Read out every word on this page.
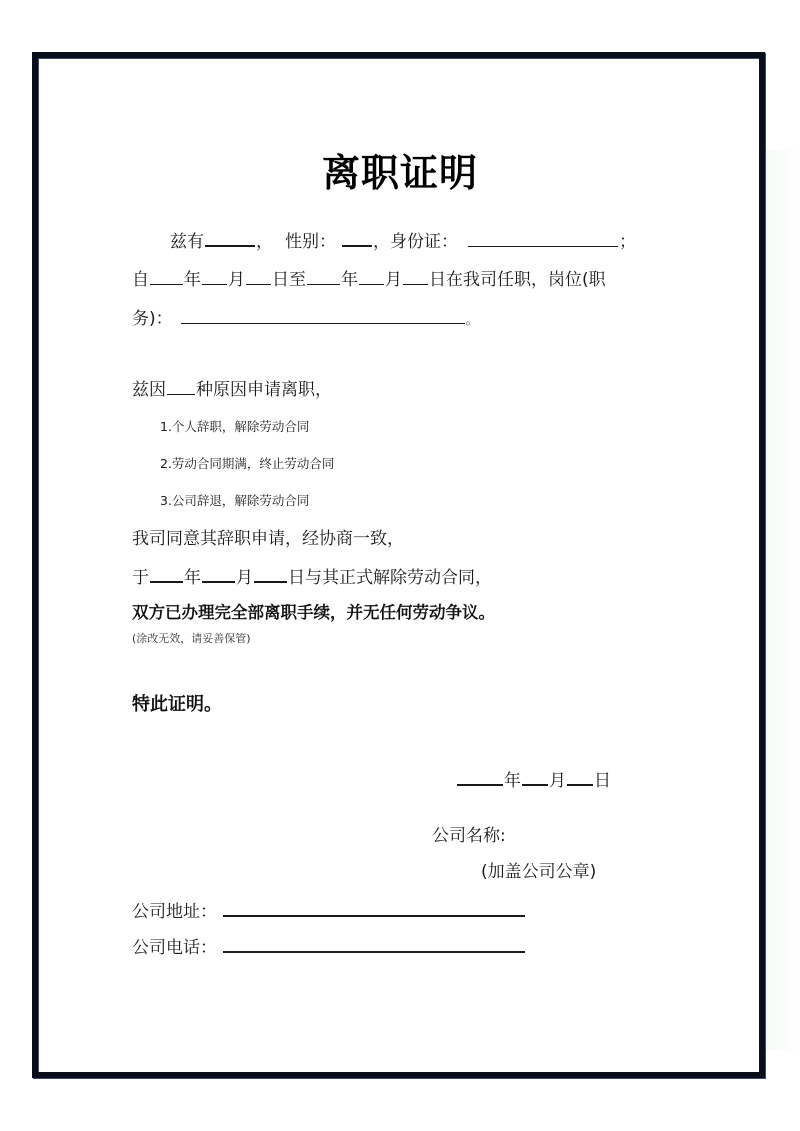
离职证明
兹有	， 性别： ，身份证：	；
自 年 月 日至 年 月 日在我司任职，岗位(职
务)：	。
兹因 种原因申请离职，
1.个人辞职，解除劳动合同
2.劳动合同期满，终止劳动合同
3.公司辞退，解除劳动合同
我司同意其辞职申请，经协商一致，
于 年 月 日与其正式解除劳动合同，
双方已办理完全部离职手续，并无任何劳动争议。
(涂改无效，请妥善保管)
特此证明。
年 月 日
公司名称:
(加盖公司公章)
公司地址：
公司电话：
